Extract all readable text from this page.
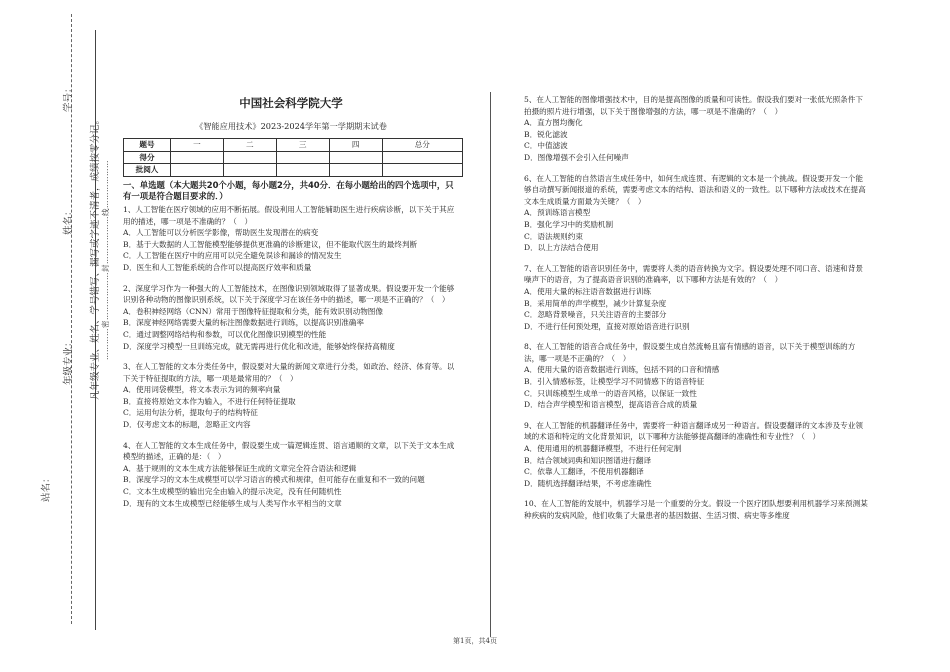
学号：
姓名：
年级专业：
站名：
凡年级专业、姓名、学号错写、漏写或字迹不清者，成绩按零分记。 …………密………………封………………线………………
中国社会科学院大学
《智能应用技术》2023-2024学年第一学期期末试卷
题号	一	二	三	四	总分
得分					
批阅人					
一、单选题（本大题共20个小题，每小题2分，共40分．在每小题给出的四个选项中，只有一项是符合题目要求的．）
1、人工智能在医疗领域的应用不断拓展。假设利用人工智能辅助医生进行疾病诊断，以下关于其应用的描述，哪一项是不准确的？（　）
A．人工智能可以分析医学影像，帮助医生发现潜在的病变
B．基于大数据的人工智能模型能够提供更准确的诊断建议，但不能取代医生的最终判断
C．人工智能在医疗中的应用可以完全避免误诊和漏诊的情况发生
D．医生和人工智能系统的合作可以提高医疗效率和质量
2、深度学习作为一种强大的人工智能技术，在图像识别领域取得了显著成果。假设要开发一个能够识别各种动物的图像识别系统，以下关于深度学习在该任务中的描述，哪一项是不正确的？（　）
A．卷积神经网络（CNN）常用于图像特征提取和分类，能有效识别动物图像
B．深度神经网络需要大量的标注图像数据进行训练，以提高识别准确率
C．通过调整网络结构和参数，可以优化图像识别模型的性能
D．深度学习模型一旦训练完成，就无需再进行优化和改进，能够始终保持高精度
3、在人工智能的文本分类任务中，假设要对大量的新闻文章进行分类，如政治、经济、体育等。以下关于特征提取的方法，哪一项是最常用的？（　）
A．使用词袋模型，将文本表示为词的频率向量
B．直接将原始文本作为输入，不进行任何特征提取
C．运用句法分析，提取句子的结构特征
D．仅考虑文本的标题，忽略正文内容
4、在人工智能的文本生成任务中，假设要生成一篇逻辑连贯、语言通顺的文章，以下关于文本生成模型的描述，正确的是：（　）
A．基于规则的文本生成方法能够保证生成的文章完全符合语法和逻辑
B．深度学习的文本生成模型可以学习语言的模式和规律，但可能存在重复和不一致的问题
C．文本生成模型的输出完全由输入的提示决定，没有任何随机性
D．现有的文本生成模型已经能够生成与人类写作水平相当的文章
5、在人工智能的图像增强技术中，目的是提高图像的质量和可读性。假设我们要对一张低光照条件下拍摄的照片进行增强，以下关于图像增强的方法，哪一项是不准确的？（　）
A．直方图均衡化
B．锐化滤波
C．中值滤波
D．图像增强不会引入任何噪声
6、在人工智能的自然语言生成任务中，如何生成连贯、有逻辑的文本是一个挑战。假设要开发一个能够自动撰写新闻报道的系统，需要考虑文本的结构、语法和语义的一致性。以下哪种方法或技术在提高文本生成质量方面最为关键？（　）
A．预训练语言模型
B．强化学习中的奖励机制
C．语法规则约束
D．以上方法结合使用
7、在人工智能的语音识别任务中，需要将人类的语音转换为文字。假设要处理不同口音、语速和背景噪声下的语音，为了提高语音识别的准确率，以下哪种方法是有效的？（　）
A．使用大量的标注语音数据进行训练
B．采用简单的声学模型，减少计算复杂度
C．忽略背景噪音，只关注语音的主要部分
D．不进行任何预处理，直接对原始语音进行识别
8、在人工智能的语音合成任务中，假设要生成自然流畅且富有情感的语音，以下关于模型训练的方法，哪一项是不正确的？（　）
A．使用大量的语音数据进行训练，包括不同的口音和情感
B．引入情感标签，让模型学习不同情感下的语音特征
C．只训练模型生成单一的语音风格，以保证一致性
D．结合声学模型和语言模型，提高语音合成的质量
9、在人工智能的机器翻译任务中，需要将一种语言翻译成另一种语言。假设要翻译的文本涉及专业领域的术语和特定的文化背景知识，以下哪种方法能够提高翻译的准确性和专业性？（　）
A．使用通用的机器翻译模型，不进行任何定制
B．结合领域词典和知识图谱进行翻译
C．依靠人工翻译，不使用机器翻译
D．随机选择翻译结果，不考虑准确性
10、在人工智能的发展中，机器学习是一个重要的分支。假设一个医疗团队想要利用机器学习来预测某种疾病的发病风险，他们收集了大量患者的基因数据、生活习惯、病史等多维度
第1页，共4页
